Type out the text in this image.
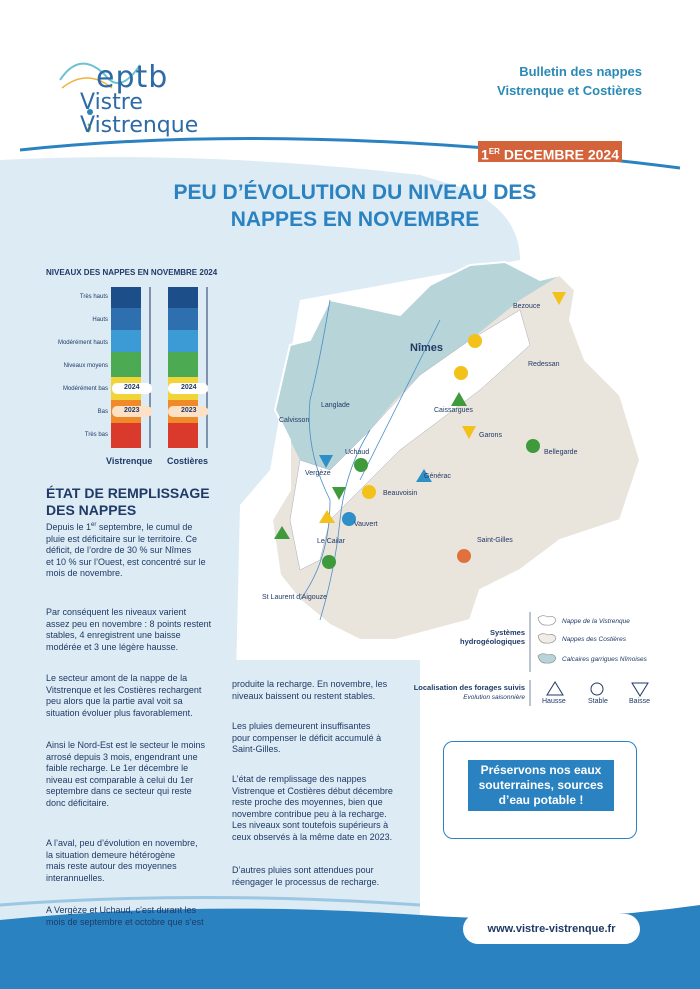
eptb
Vistre
Vistrenque
Bulletin des nappes
Vistrenque et Costières
1ER DECEMBRE 2024
PEU D’ÉVOLUTION DU NIVEAU DES
NAPPES EN NOVEMBRE
NIVEAUX DES NAPPES EN NOVEMBRE 2024
Très hauts
Hauts
Modérément hauts
Niveaux moyens
Modérément bas
Bas
Très bas
2024
2023
2024
2023
Vistrenque Costières
ÉTAT DE REMPLISSAGE
DES NAPPES
Depuis le 1er septembre, le cumul de
pluie est déficitaire sur le territoire. Ce
déficit, de l’ordre de 30 % sur Nîmes
et 10 % sur l’Ouest, est concentré sur le
mois de novembre.
Par conséquent les niveaux varient
assez peu en novembre : 8 points restent
stables, 4 enregistrent une baisse
modérée et 3 une légère hausse.
Le secteur amont de la nappe de la
Vitstrenque et les Costières rechargent
peu alors que la partie aval voit sa
situation évoluer plus favorablement.
Ainsi le Nord-Est est le secteur le moins
arrosé depuis 3 mois, engendrant une
faible recharge. Le 1er décembre le
niveau est comparable à celui du 1er
septembre dans ce secteur qui reste
donc déficitaire.
A l’aval, peu d’évolution en novembre,
la situation demeure hétérogène
mais reste autour des moyennes
interannuelles.
A Vergèze et Uchaud, c’est durant les
mois de septembre et octobre que s’est
produite la recharge. En novembre, les
niveaux baissent ou restent stables.
Les pluies demeurent insuffisantes
pour compenser le déficit accumulé à
Saint-Gilles.
L’état de remplissage des nappes
Vistrenque et Costières début décembre
reste proche des moyennes, bien que
novembre contribue peu à la recharge.
Les niveaux sont toutefois supérieurs à
ceux observés à la même date en 2023.
D’autres pluies sont attendues pour
réengager le processus de recharge.
Nîmes
Bezouce
Redessan
Caissargues
Garons
Bellegarde
Langlade
Calvisson
Uchaud
Vergèze	Générac
Beauvoisin
Vauvert
Le Cailar	Saint-Gilles
St Laurent d’Aigouze
Systèmes
hydrogéologiques
Nappe de la Vistrenque
Nappes des Costières
Calcaires garrigues Nîmoises
Localisation des forages suivis
Evolution saisonnière
Hausse	Stable	Baisse
Préservons nos eaux
souterraines, sources
d’eau potable !
www.vistre-vistrenque.fr
